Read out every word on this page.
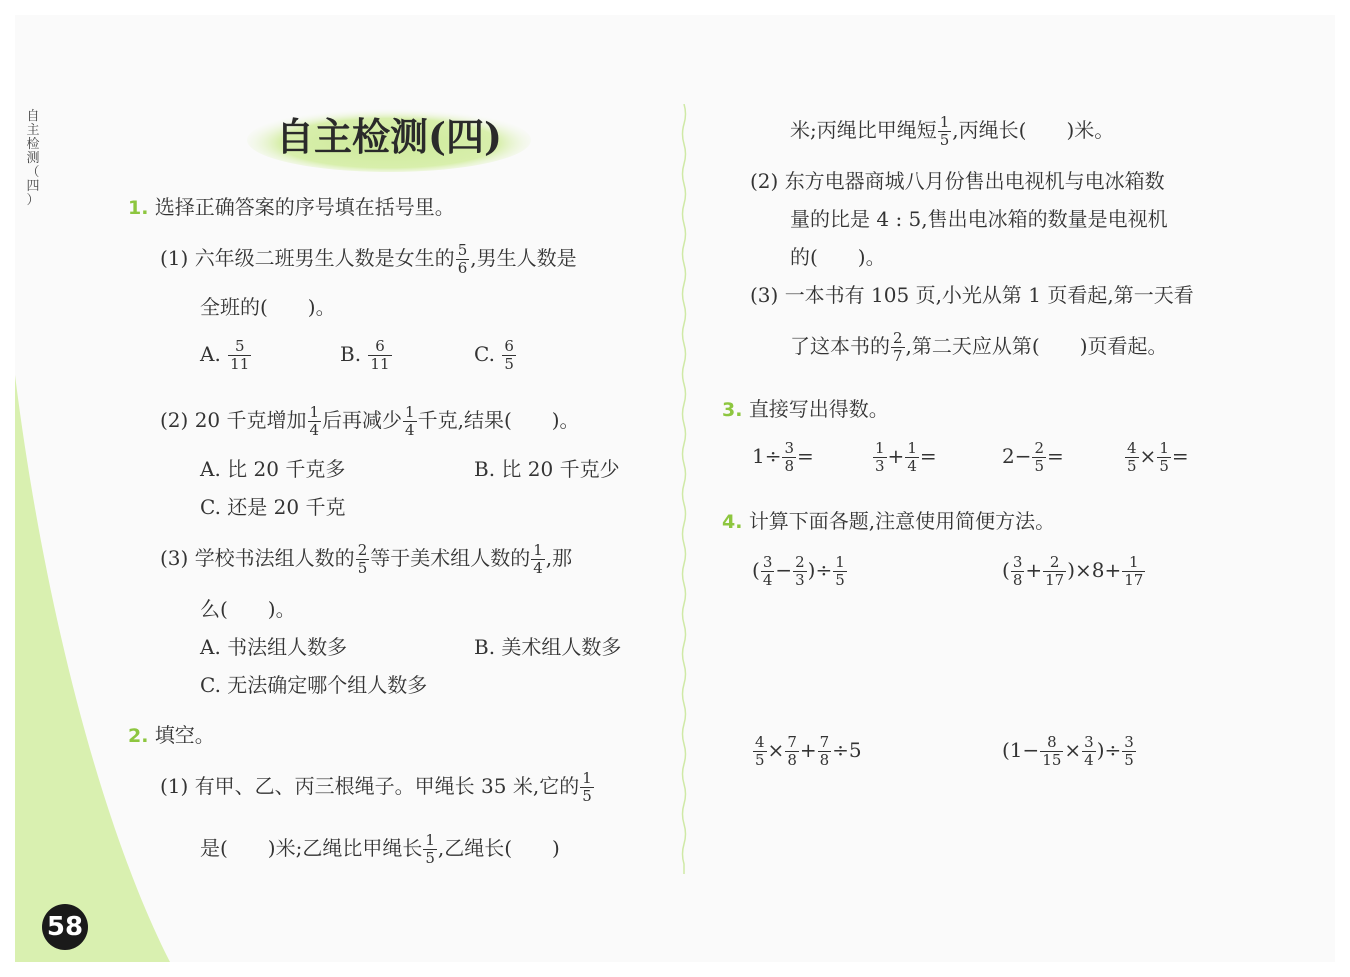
自
主
检
测
（
四
）
58
自主检测(四)
1. 选择正确答案的序号填在括号里。
(1) 六年级二班男生人数是女生的 $\frac{5}{6}$ ,男生人数是
全班的(　　)。
A. $\frac{5}{11}$	B. $\frac{6}{11}$	C. $\frac{6}{5}$
(2) 20 千克增加 $\frac{1}{4}$ 后再减少 $\frac{1}{4}$ 千克,结果(　　)。
A. 比 20 千克多	B. 比 20 千克少
C. 还是 20 千克
(3) 学校书法组人数的 $\frac{2}{5}$ 等于美术组人数的 $\frac{1}{4}$ ,那
么(　　)。
A. 书法组人数多	B. 美术组人数多
C. 无法确定哪个组人数多
2. 填空。
(1) 有甲、乙、丙三根绳子。甲绳长 35 米,它的 $\frac{1}{5}$
是(　　)米;乙绳比甲绳长 $\frac{1}{5}$ ,乙绳长(　　)
米;丙绳比甲绳短 $\frac{1}{5}$ ,丙绳长(　　)米。
(2) 东方电器商城八月份售出电视机与电冰箱数
量的比是 4 : 5,售出电冰箱的数量是电视机
的(　　)。
(3) 一本书有 105 页,小光从第 1 页看起,第一天看
了这本书的 $\frac{2}{7}$ ,第二天应从第(　　)页看起。
3. 直接写出得数。
$1\div \frac{3}{8}$ =	$\frac{1}{3} + \frac{1}{4}$ =	$2- \frac{2}{5}$ =	$\frac{4}{5} \times \frac{1}{5}$ =
4. 计算下面各题,注意使用简便方法。
( $\frac{3}{4} - \frac{2}{3}$ )÷ $\frac{1}{5}$	( $\frac{3}{8} + \frac{2}{17} )\times 8+ \frac{1}{17}$
$\frac{4}{5} \times \frac{7}{8} + \frac{7}{8} \div 5$	($1- \frac{8}{15} \times \frac{3}{4}$ )÷ $\frac{3}{5}$
